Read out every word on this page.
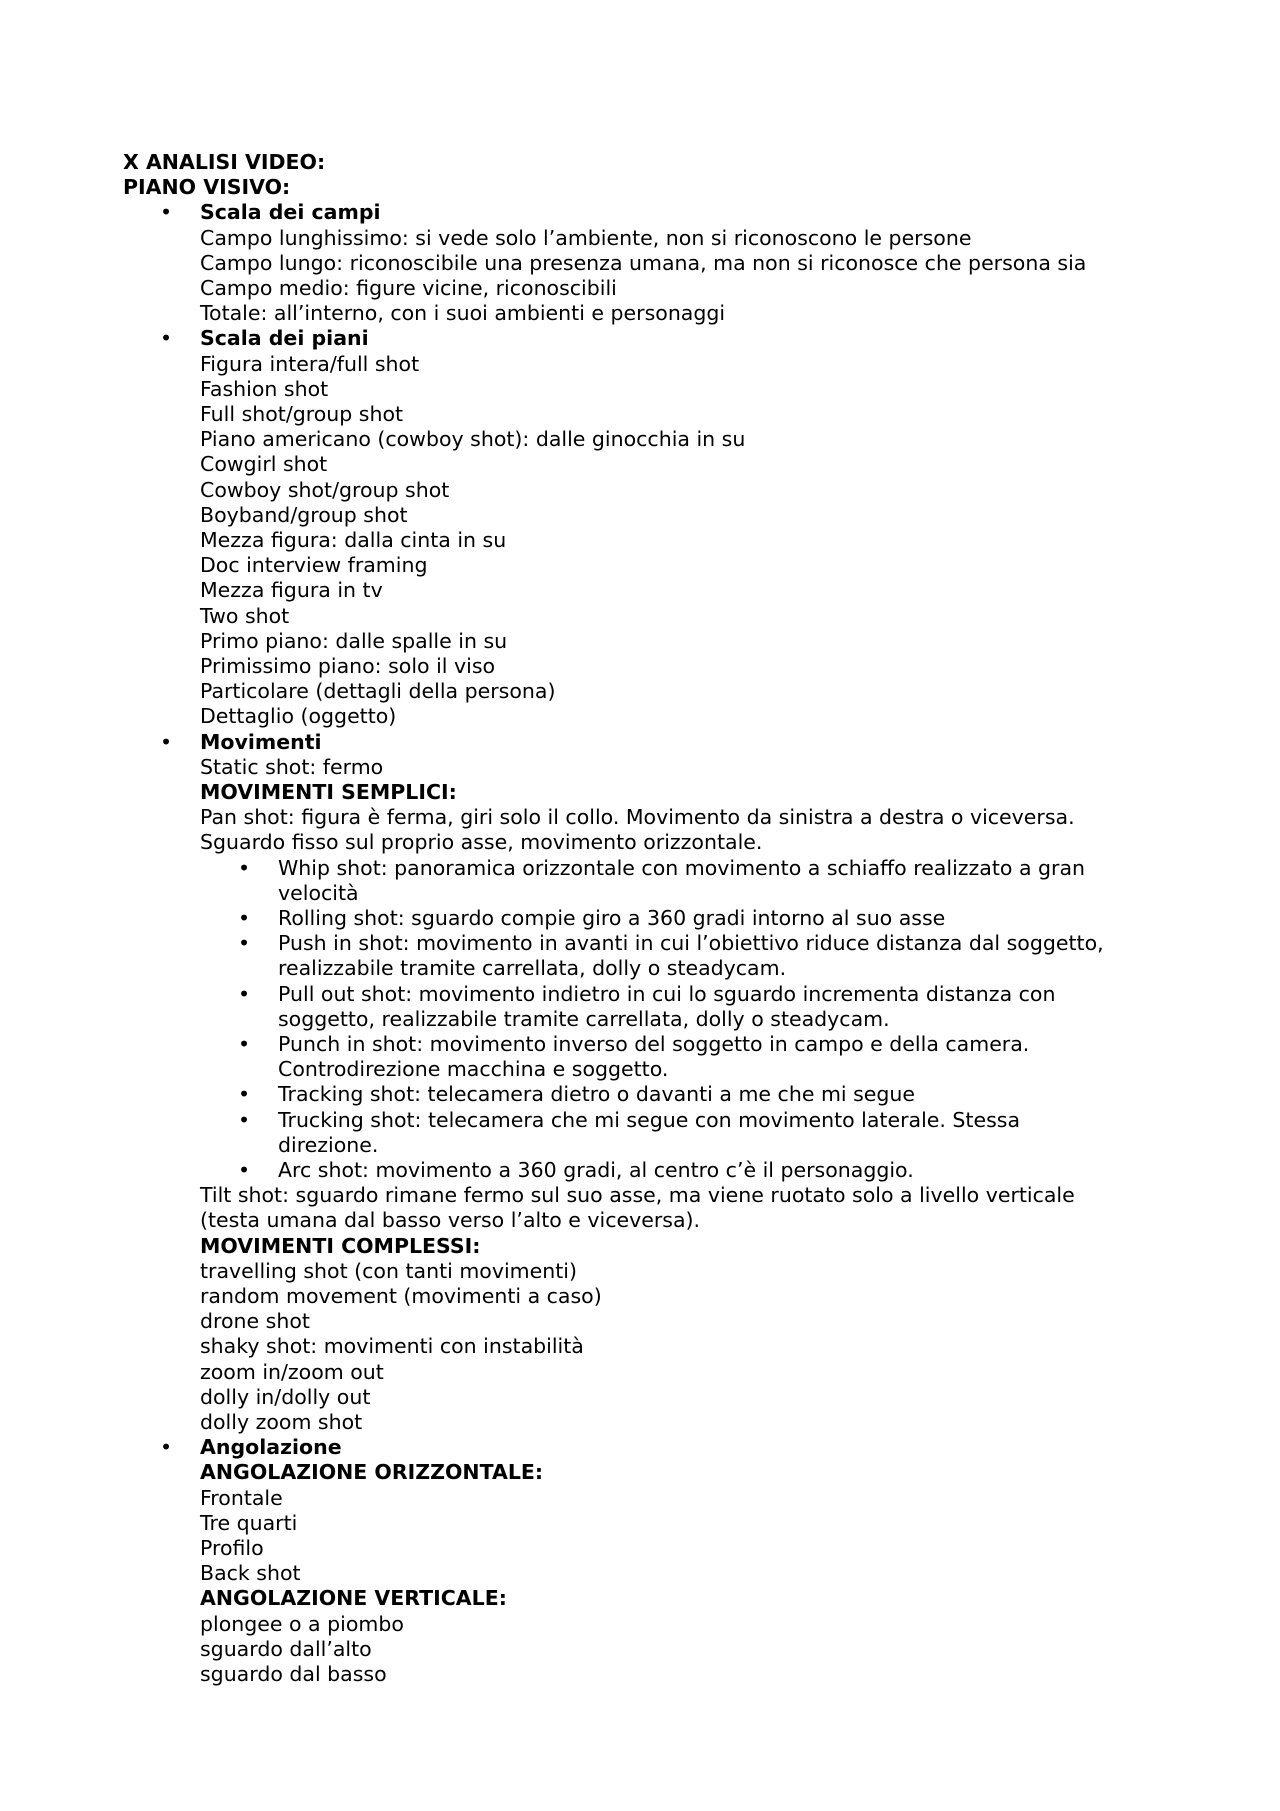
X ANALISI VIDEO:
PIANO VISIVO:
• Scala dei campi
Campo lunghissimo: si vede solo l’ambiente, non si riconoscono le persone
Campo lungo: riconoscibile una presenza umana, ma non si riconosce che persona sia
Campo medio: figure vicine, riconoscibili
Totale: all’interno, con i suoi ambienti e personaggi
• Scala dei piani
Figura intera/full shot
Fashion shot
Full shot/group shot
Piano americano (cowboy shot): dalle ginocchia in su
Cowgirl shot
Cowboy shot/group shot
Boyband/group shot
Mezza figura: dalla cinta in su
Doc interview framing
Mezza figura in tv
Two shot
Primo piano: dalle spalle in su
Primissimo piano: solo il viso
Particolare (dettagli della persona)
Dettaglio (oggetto)
• Movimenti
Static shot: fermo
MOVIMENTI SEMPLICI:
Pan shot: figura è ferma, giri solo il collo. Movimento da sinistra a destra o viceversa.
Sguardo fisso sul proprio asse, movimento orizzontale.
• Whip shot: panoramica orizzontale con movimento a schiaffo realizzato a gran
velocità
• Rolling shot: sguardo compie giro a 360 gradi intorno al suo asse
• Push in shot: movimento in avanti in cui l’obiettivo riduce distanza dal soggetto,
realizzabile tramite carrellata, dolly o steadycam.
• Pull out shot: movimento indietro in cui lo sguardo incrementa distanza con
soggetto, realizzabile tramite carrellata, dolly o steadycam.
• Punch in shot: movimento inverso del soggetto in campo e della camera.
Controdirezione macchina e soggetto.
• Tracking shot: telecamera dietro o davanti a me che mi segue
• Trucking shot: telecamera che mi segue con movimento laterale. Stessa
direzione.
• Arc shot: movimento a 360 gradi, al centro c’è il personaggio.
Tilt shot: sguardo rimane fermo sul suo asse, ma viene ruotato solo a livello verticale
(testa umana dal basso verso l’alto e viceversa).
MOVIMENTI COMPLESSI:
travelling shot (con tanti movimenti)
random movement (movimenti a caso)
drone shot
shaky shot: movimenti con instabilità
zoom in/zoom out
dolly in/dolly out
dolly zoom shot
• Angolazione
ANGOLAZIONE ORIZZONTALE:
Frontale
Tre quarti
Profilo
Back shot
ANGOLAZIONE VERTICALE:
plongee o a piombo
sguardo dall’alto
sguardo dal basso
